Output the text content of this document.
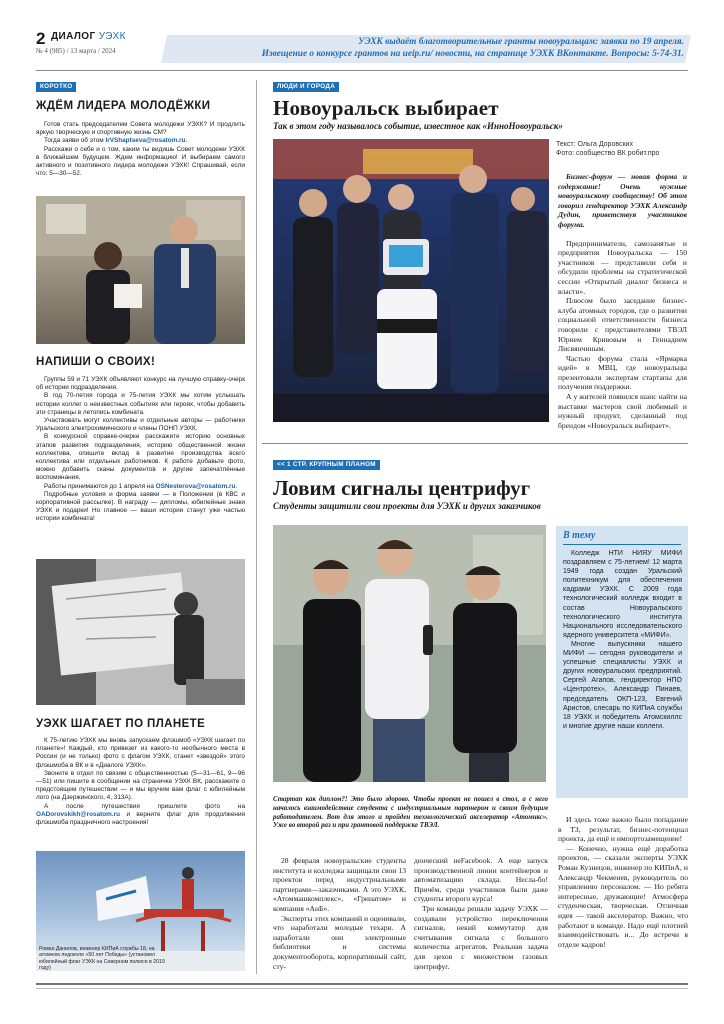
2 ДИАЛОГ УЭХК
№ 4 (985) / 13 марта / 2024
УЭХК выдаёт благотворительные гранты новоуральцам: заявки по 19 апреля.
Извещение о конкурсе грантов на ueip.ru/ новости, на странице УЭХК ВКонтакте. Вопросы: 5-74-31.
КОРОТКО
ЖДЁМ ЛИДЕРА МОЛОДЁЖКИ

Готов стать председателем Совета молодежи УЭХК? И продлить яркую творческую и спортивную жизнь СМ?

Тогда заяви об этом IrVShaptseva@rosatom.ru.

Расскажи о себе и о том, каким ты видишь Совет молодежи УЭХК в ближайшем будущем. Ждем информацию! И выбираем самого активного и позитивного лидера молодежи УЭХК! Спрашивай, если что: 5—30—52.

НАПИШИ О СВОИХ!

Группы 59 и 71 УЭХК объявляют конкурс на лучшую справку-очерк об истории подразделения.

В год 70-летия города и 75-летия УЭХК мы хотим услышать истории коллег о неизвестных событиях или героях, чтобы добавить эти страницы в летопись комбината.

Участвовать могут коллективы и отдельные авторы — работники Уральского электрохимического и члены ПОНП УЭХК.

В конкурсной справке-очерке расскажите историю основных этапов развития подразделения, историю общественной жизни коллектива, опишите вклад в развитие производства всего коллектива или отдельных работников. К работе добавьте фото, можно добавить сканы документов и другие запечатлённые воспоминания.

Работы принимаются до 1 апреля на OSNesterova@rosatom.ru.

Подробные условия и форма заявки — в Положении (в КВС и корпоративной рассылке). В награду — дипломы, юбилейные знаки УЭХК и подарки! Но главное — ваши истории станут уже частью истории комбината!

УЭХК ШАГАЕТ ПО ПЛАНЕТЕ

К 75-летию УЭХК мы вновь запускаем флэшмоб «УЭХК шагает по планете»! Каждый, кто привезет из какого-то необычного места в России (и не только) фото с флагом УЭХК, станет «звездой» этого флэшмоба в ВК и в «Диалоге УЭХК».

Звоните в отдел по связям с общественностью (5—31—61, 9—96—51) или пишите в сообщении на страничке УЭХК ВК, расскажите о предстоящем путешествии — и мы вручим вам флаг с юбилейным лого (на Дзержинского, 4, 313А).

А после путешествия пришлите фото на OADorovskikh@rosatom.ru и верните флаг для продолжения флэшмоба праздничного настроения!

Роман Данилов, инженер КИПиА службы 18, на атомном ледоколе «50 лет Победы» (установил юбилейный флаг УЭХК на Северном полюсе в 2019 году)
ЛЮДИ И ГОРОДА
Новоуральск выбирает
Так в этом году называлось событие, известное как «ИнноНовоуральск»
Текст: Ольга Доровских
Фото: сообщество ВК робит.про

Бизнес-форум — новая форма и содержание! Очень нужные новоуральскому сообществу! Об этом говорил гендиректор УЭХК Александр Дудин, приветствуя участников форума.

Предприниматели, самозанятые и предприятия Новоуральска — 150 участников — представили себя и обсудили проблемы на стратегической сессии «Открытый диалог бизнеса и власти».

Плюсом было заседание бизнес-клуба атомных городов, где о развитии социальной ответственности бизнеса говорили с представителями ТВЭЛ Юрием Кривовым и Геннадием Лисвянчиным.

Частью форума стала «Ярмарка идей» в МВЦ, где новоуральцы презентовали экспертам стартапы для получения поддержки.

А у жителей появился шанс найти на выставке мастеров свой любимый и нужный продукт, сделанный под брендом «Новоуральск выбирает».

<< 1 СТР. КРУПНЫМ ПЛАНОМ
Ловим сигналы центрифуг
Студенты защитили свои проекты для УЭХК и других заказчиков
Стартап как диплом?! Это было здорово. Чтобы проект не пошел в стол, а с него началось взаимодействие студента с индустриальным партнером и своим будущим работодателем. Вот для этого и пройден технологический акселератор «Атомикс». Уже во второй раз и при грантовой поддержке ТВЭЛ.

28 февраля новоуральские студенты института и колледжа защищали свои 13 проектов перед индустриальными партнерами—заказчиками. А это УЭХК, «Атоммашкомплекс», «Гринатом» и компания «АнБ».

Эксперты этих компаний и оценивали, что наработали молодые техари. А наработали они электронные библиотеки и системы документооборота, корпоративный сайт, сту-

денческий неFacebook. А еще запуск производственной линии контейнеров и автоматизацию склада. Несла-бо! Причём, среди участников были даже студенты второго курса!

Три команды решали задачу УЭХК — создавали устройство переключения сигналов, некий коммутатор для считывания сигнала с большого количества агрегатов. Реальная задача для цехов с множеством газовых центрифуг.

В тему

Колледж НТИ НИЯУ МИФИ поздравляем с 75-летием! 12 марта 1949 года создан Уральский политехникум для обеспечения кадрами УЭХК. С 2009 года технологический колледж входит в состав Новоуральского технологического института Национального исследовательского ядерного университета «МИФИ».

Многие выпускники нашего МИФИ — сегодня руководители и успешные специалисты УЭХК и других новоуральских предприятий. Сергей Агапов, гендиректор НПО «Центротех», Александр Пинаев, председатель ОКП-123, Евгений Аристов, слесарь по КИПиА службы 18 УЭХК и победитель Атомскиллс и многие другие наши коллеги.

И здесь тоже важно было попадание в ТЗ, результат, бизнес-потенциал проекта, да ещё и импортозамещение!

— Конечно, нужна ещё доработка проектов, — сказали эксперты УЭХК Роман Кузнецов, инженер по КИПиА, и Александр Чекменев, руководитель по управлению персоналом. — Но ребята интересные, дружающие! Атмосфера студенческая, творческая. Отличная идея — такой акселератор. Важно, что работают в команде. Надо ещё плотней взаимодействовать и... До встречи в отделе кадров!
